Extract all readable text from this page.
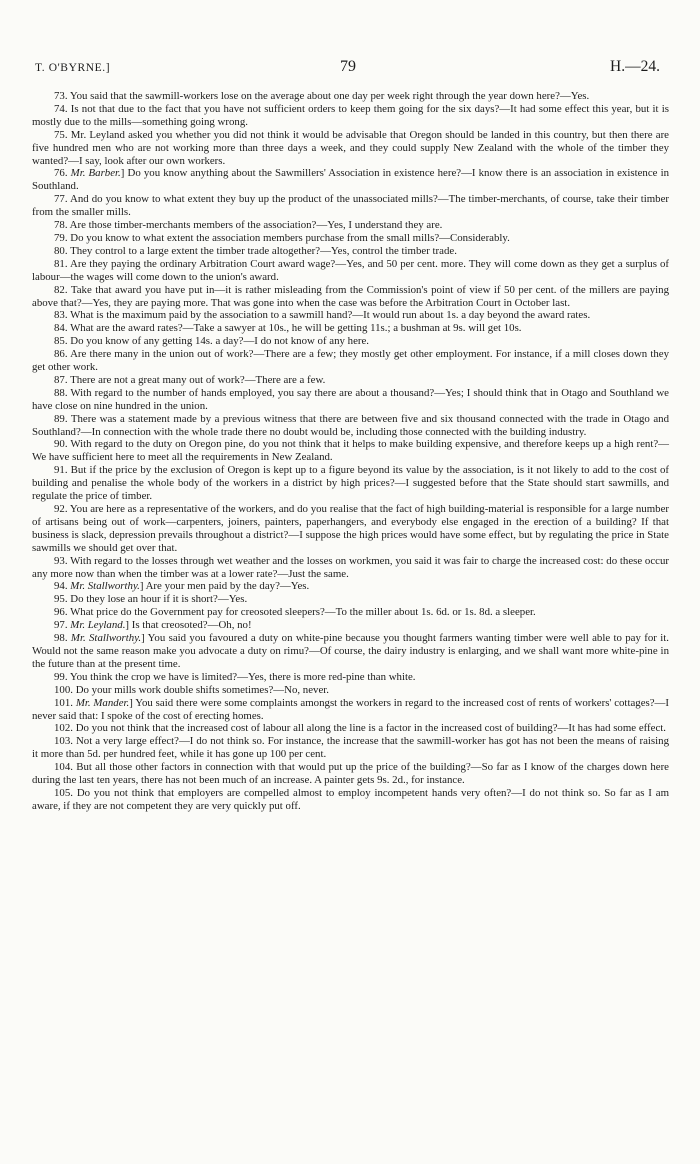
T. O'BYRNE.]	79	H.—24.

73. You said that the sawmill-workers lose on the average about one day per week right through the year down here?—Yes.

74. Is not that due to the fact that you have not sufficient orders to keep them going for the six days?—It had some effect this year, but it is mostly due to the mills—something going wrong.

75. Mr. Leyland asked you whether you did not think it would be advisable that Oregon should be landed in this country, but then there are five hundred men who are not working more than three days a week, and they could supply New Zealand with the whole of the timber they wanted?—I say, look after our own workers.

76. Mr. Barber.] Do you know anything about the Sawmillers' Association in existence here?—I know there is an association in existence in Southland.

77. And do you know to what extent they buy up the product of the unassociated mills?—The timber-merchants, of course, take their timber from the smaller mills.

78. Are those timber-merchants members of the association?—Yes, I understand they are.

79. Do you know to what extent the association members purchase from the small mills?—Considerably.

80. They control to a large extent the timber trade altogether?—Yes, control the timber trade.

81. Are they paying the ordinary Arbitration Court award wage?—Yes, and 50 per cent. more. They will come down as they get a surplus of labour—the wages will come down to the union's award.

82. Take that award you have put in—it is rather misleading from the Commission's point of view if 50 per cent. of the millers are paying above that?—Yes, they are paying more. That was gone into when the case was before the Arbitration Court in October last.

83. What is the maximum paid by the association to a sawmill hand?—It would run about 1s. a day beyond the award rates.

84. What are the award rates?—Take a sawyer at 10s., he will be getting 11s.; a bushman at 9s. will get 10s.

85. Do you know of any getting 14s. a day?—I do not know of any here.

86. Are there many in the union out of work?—There are a few; they mostly get other employment. For instance, if a mill closes down they get other work.

87. There are not a great many out of work?—There are a few.

88. With regard to the number of hands employed, you say there are about a thousand?—Yes; I should think that in Otago and Southland we have close on nine hundred in the union.

89. There was a statement made by a previous witness that there are between five and six thousand connected with the trade in Otago and Southland?—In connection with the whole trade there no doubt would be, including those connected with the building industry.

90. With regard to the duty on Oregon pine, do you not think that it helps to make building expensive, and therefore keeps up a high rent?—We have sufficient here to meet all the requirements in New Zealand.

91. But if the price by the exclusion of Oregon is kept up to a figure beyond its value by the association, is it not likely to add to the cost of building and penalise the whole body of the workers in a district by high prices?—I suggested before that the State should start sawmills, and regulate the price of timber.

92. You are here as a representative of the workers, and do you realise that the fact of high building-material is responsible for a large number of artisans being out of work—carpenters, joiners, painters, paperhangers, and everybody else engaged in the erection of a building? If that business is slack, depression prevails throughout a district?—I suppose the high prices would have some effect, but by regulating the price in State sawmills we should get over that.

93. With regard to the losses through wet weather and the losses on workmen, you said it was fair to charge the increased cost: do these occur any more now than when the timber was at a lower rate?—Just the same.

94. Mr. Stallworthy.] Are your men paid by the day?—Yes.

95. Do they lose an hour if it is short?—Yes.

96. What price do the Government pay for creosoted sleepers?—To the miller about 1s. 6d. or 1s. 8d. a sleeper.

97. Mr. Leyland.] Is that creosoted?—Oh, no!

98. Mr. Stallworthy.] You said you favoured a duty on white-pine because you thought farmers wanting timber were well able to pay for it. Would not the same reason make you advocate a duty on rimu?—Of course, the dairy industry is enlarging, and we shall want more white-pine in the future than at the present time.

99. You think the crop we have is limited?—Yes, there is more red-pine than white.

100. Do your mills work double shifts sometimes?—No, never.

101. Mr. Mander.] You said there were some complaints amongst the workers in regard to the increased cost of rents of workers' cottages?—I never said that: I spoke of the cost of erecting homes.

102. Do you not think that the increased cost of labour all along the line is a factor in the increased cost of building?—It has had some effect.

103. Not a very large effect?—I do not think so. For instance, the increase that the sawmill-worker has got has not been the means of raising it more than 5d. per hundred feet, while it has gone up 100 per cent.

104. But all those other factors in connection with that would put up the price of the building?—So far as I know of the charges down here during the last ten years, there has not been much of an increase. A painter gets 9s. 2d., for instance.

105. Do you not think that employers are compelled almost to employ incompetent hands very often?—I do not think so. So far as I am aware, if they are not competent they are very quickly put off.
